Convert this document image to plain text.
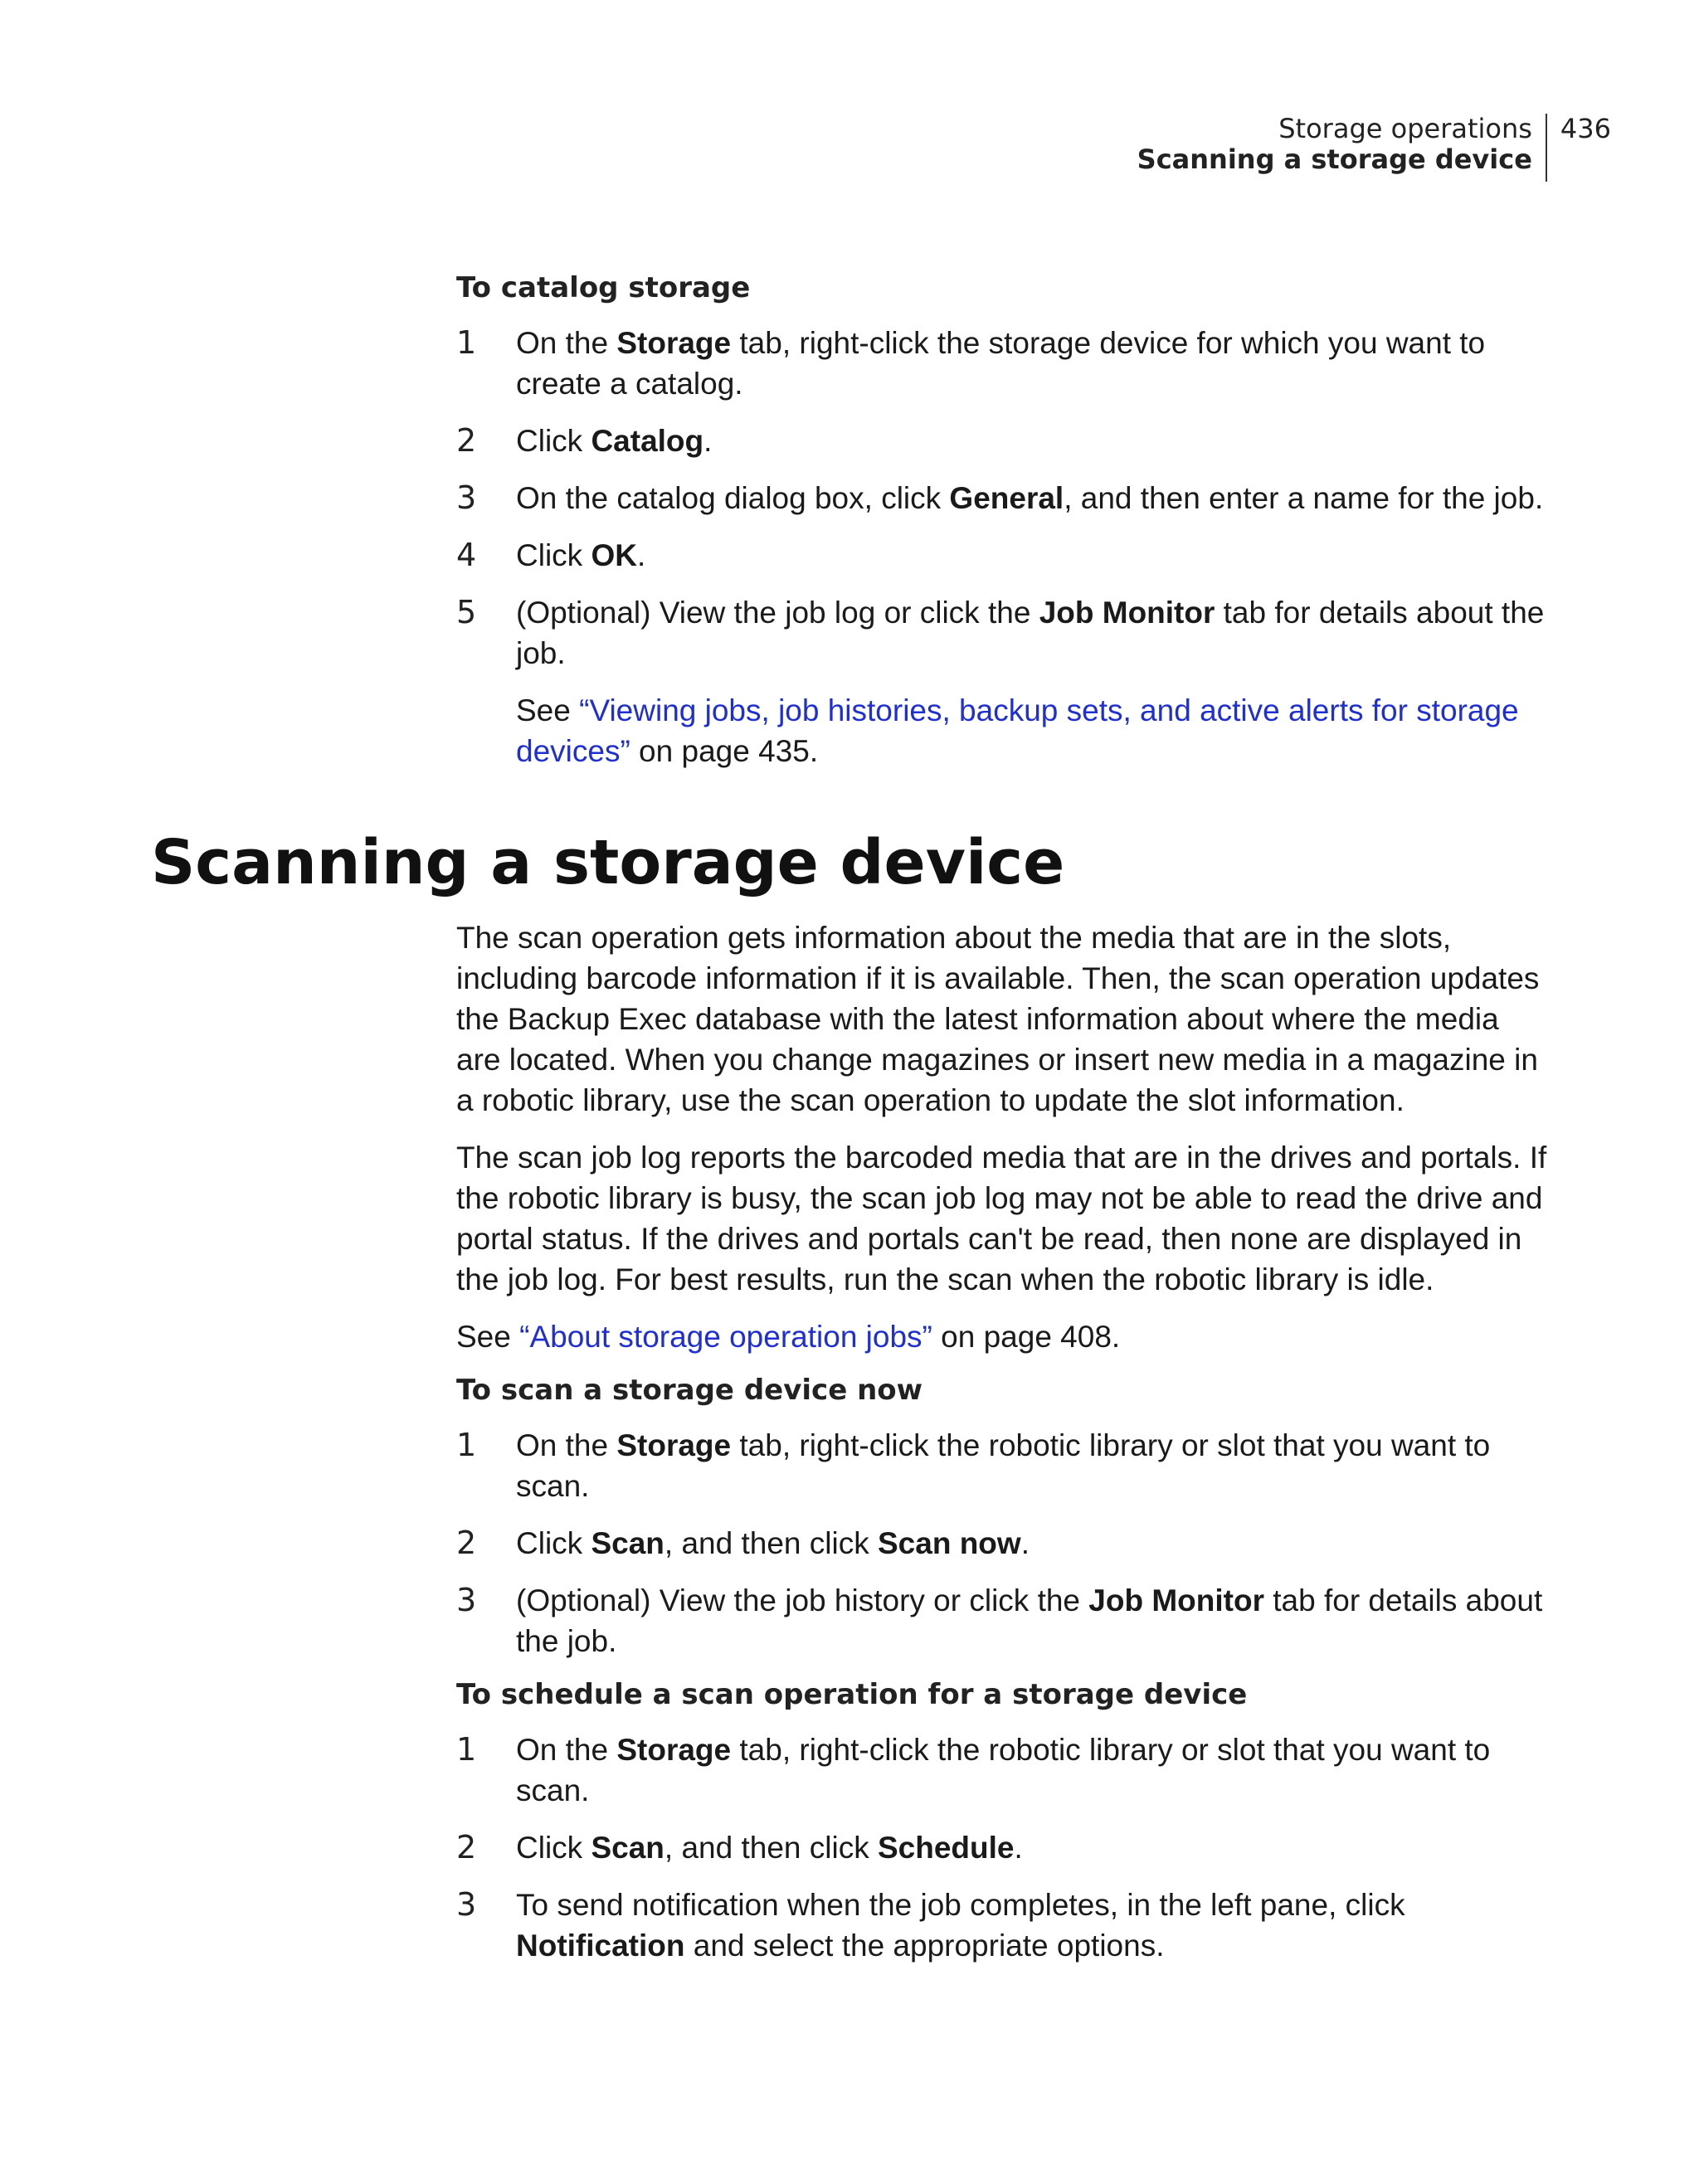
Storage operations
Scanning a storage device
436
To catalog storage
1	On the Storage tab, right-click the storage device for which you want to create a catalog.

2	Click Catalog.

3	On the catalog dialog box, click General, and then enter a name for the job.

4	Click OK.

5	(Optional) View the job log or click the Job Monitor tab for details about the job.

See “Viewing jobs, job histories, backup sets, and active alerts for storage devices” on page 435.

Scanning a storage device

The scan operation gets information about the media that are in the slots, including barcode information if it is available. Then, the scan operation updates the Backup Exec database with the latest information about where the media are located. When you change magazines or insert new media in a magazine in a robotic library, use the scan operation to update the slot information.

The scan job log reports the barcoded media that are in the drives and portals. If the robotic library is busy, the scan job log may not be able to read the drive and portal status. If the drives and portals can't be read, then none are displayed in the job log. For best results, run the scan when the robotic library is idle.

See “About storage operation jobs” on page 408.

To scan a storage device now
1	On the Storage tab, right-click the robotic library or slot that you want to scan.

2	Click Scan, and then click Scan now.

3	(Optional) View the job history or click the Job Monitor tab for details about the job.

To schedule a scan operation for a storage device
1	On the Storage tab, right-click the robotic library or slot that you want to scan.

2	Click Scan, and then click Schedule.

3	To send notification when the job completes, in the left pane, click Notification and select the appropriate options.
